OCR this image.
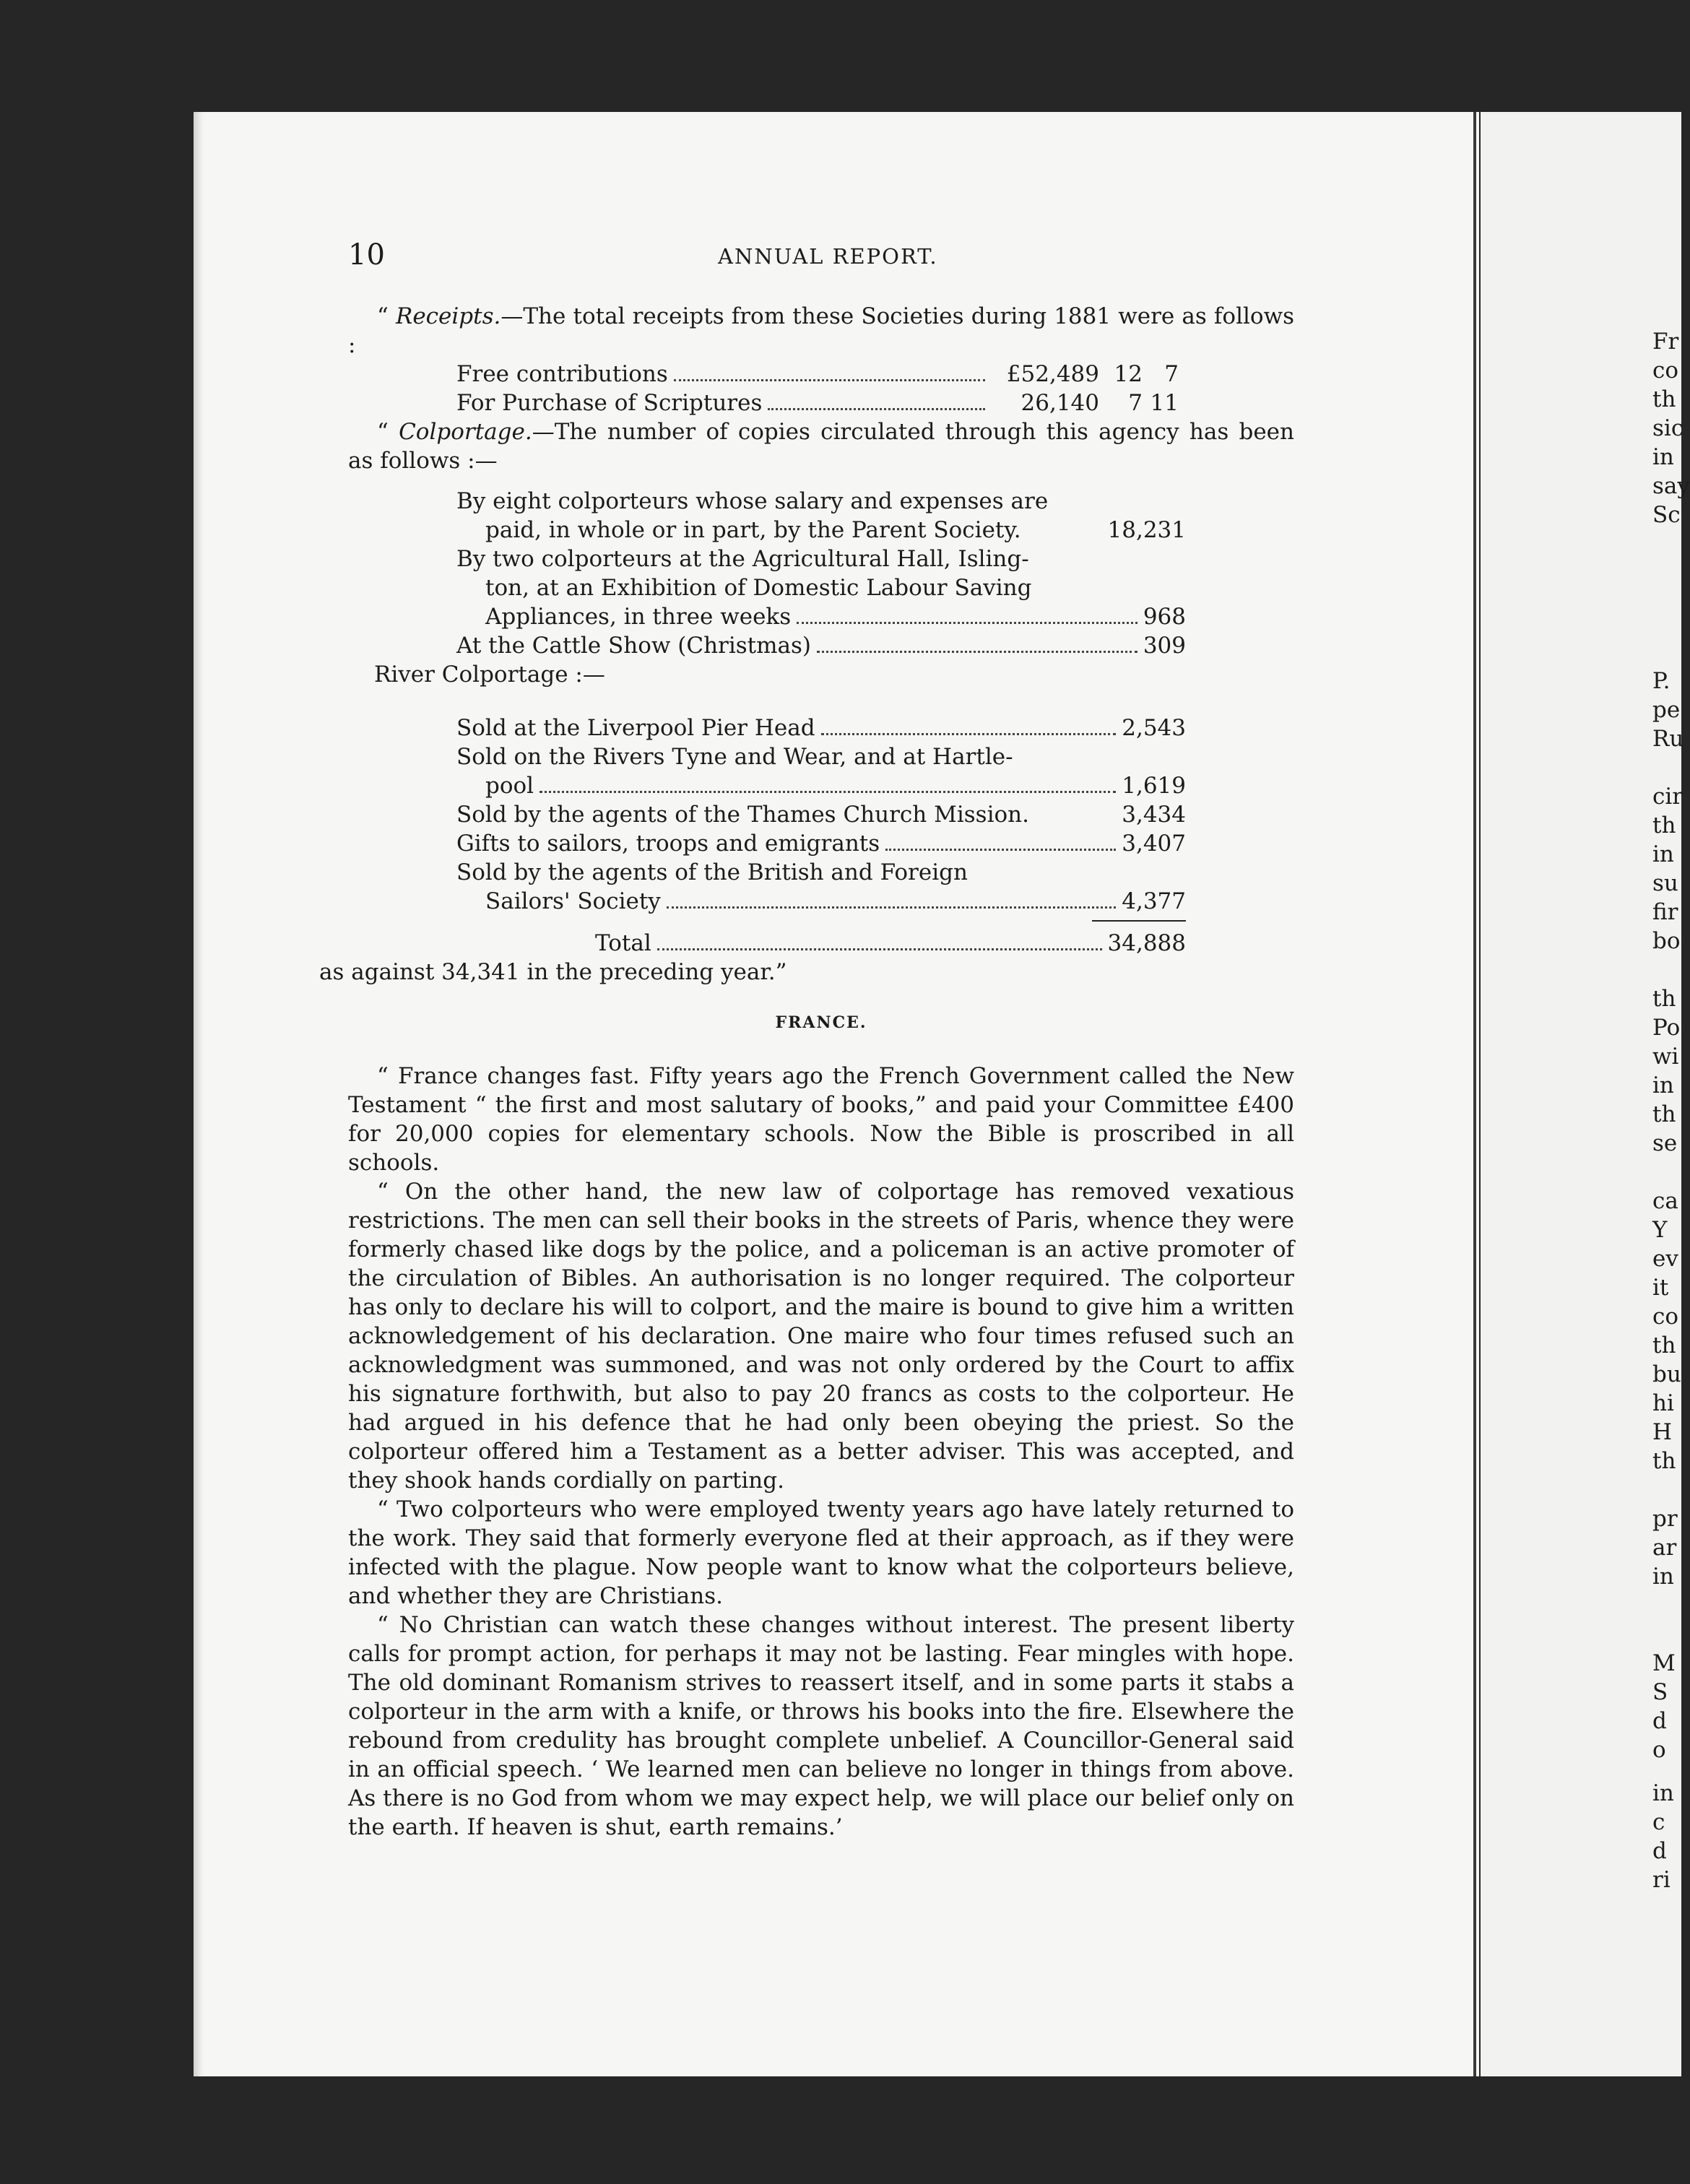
Fr
co
th
sic
in
say
Sc
P.
pe
Ru
cir
th
in
su
fir
bo
th
Po
wi
in
th
se
ca
Y
ev
it
co
th
bu
hi
H
th
pr
ar
in
M
S
d
o
in
c
d
ri
10	ANNUAL REPORT.

“ Receipts.—The total receipts from these Societies during 1881 were as follows :

Free contributions	£52,489 12 7
For Purchase of Scriptures	26,140	7 11

“ Colportage.—The number of copies circulated through this agency has been as follows :—

By eight colporteurs whose salary and expenses are
paid, in whole or in part, by the Parent Society.	18,231
By two colporteurs at the Agricultural Hall, Isling-
ton, at an Exhibition of Domestic Labour Saving
Appliances, in three weeks	968
At the Cattle Show (Christmas)	309
River Colportage :—
Sold at the Liverpool Pier Head	2,543
Sold on the Rivers Tyne and Wear, and at Hartle-
pool	1,619
Sold by the agents of the Thames Church Mission.	3,434
Gifts to sailors, troops and emigrants	3,407
Sold by the agents of the British and Foreign
Sailors' Society	4,377
Total	34,888

as against 34,341 in the preceding year.”

FRANCE.

“ France changes fast. Fifty years ago the French Government called the New Testament “ the first and most salutary of books,” and paid your Committee £400 for 20,000 copies for elementary schools. Now the Bible is proscribed in all schools.

“ On the other hand, the new law of colportage has removed vexatious restrictions. The men can sell their books in the streets of Paris, whence they were formerly chased like dogs by the police, and a policeman is an active promoter of the circulation of Bibles. An authorisation is no longer required. The colporteur has only to declare his will to colport, and the maire is bound to give him a written acknowledgement of his declaration. One maire who four times refused such an acknowledgment was summoned, and was not only ordered by the Court to affix his signature forthwith, but also to pay 20 francs as costs to the colporteur. He had argued in his defence that he had only been obeying the priest. So the colporteur offered him a Testament as a better adviser. This was accepted, and they shook hands cordially on parting.

“ Two colporteurs who were employed twenty years ago have lately returned to the work. They said that formerly everyone fled at their approach, as if they were infected with the plague. Now people want to know what the colporteurs believe, and whether they are Christians.

“ No Christian can watch these changes without interest. The present liberty calls for prompt action, for perhaps it may not be lasting. Fear mingles with hope. The old dominant Romanism strives to reassert itself, and in some parts it stabs a colporteur in the arm with a knife, or throws his books into the fire. Elsewhere the rebound from credulity has brought complete unbelief. A Councillor-General said in an official speech. ‘ We learned men can believe no longer in things from above. As there is no God from whom we may expect help, we will place our belief only on the earth. If heaven is shut, earth remains.’
